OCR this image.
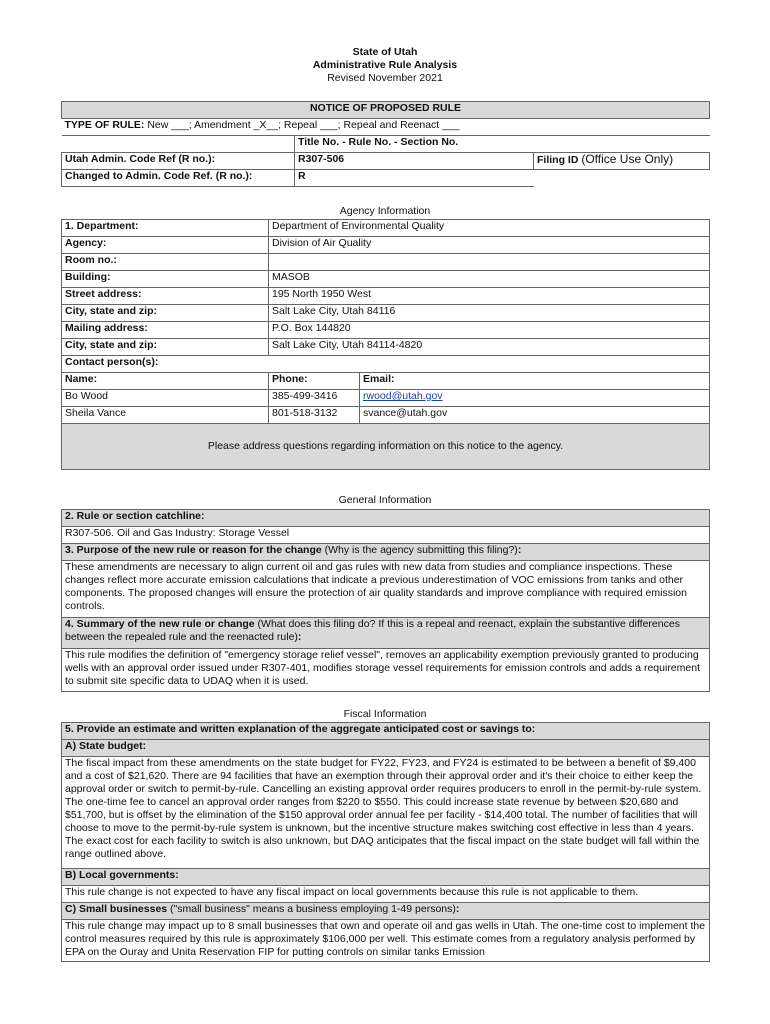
State of Utah
Administrative Rule Analysis
Revised November 2021
NOTICE OF PROPOSED RULE		
TYPE OF RULE: New ___; Amendment _X__; Repeal ___; Repeal and Reenact ___		
	Title No. - Rule No. - Section No.	
Utah Admin. Code Ref (R no.):	R307-506	Filing ID (Office Use Only)
Changed to Admin. Code Ref. (R no.):	R	
Agency Information
1. Department:	Department of Environmental Quality	
Agency:	Division of Air Quality	
Room no.:		
Building:	MASOB	
Street address:	195 North 1950 West	
City, state and zip:	Salt Lake City, Utah 84116	
Mailing address:	P.O. Box 144820	
City, state and zip:	Salt Lake City, Utah 84114-4820	
Contact person(s):		
Name:	Phone:	Email:
Bo Wood	385-499-3416	rwood@utah.gov
Sheila Vance	801-518-3132	svance@utah.gov
Please address questions regarding information on this notice to the agency.		
General Information
2. Rule or section catchline:
R307-506. Oil and Gas Industry: Storage Vessel
3. Purpose of the new rule or reason for the change (Why is the agency submitting this filing?):
These amendments are necessary to align current oil and gas rules with new data from studies and compliance inspections. These changes reflect more accurate emission calculations that indicate a previous underestimation of VOC emissions from tanks and other components. The proposed changes will ensure the protection of air quality standards and improve compliance with required emission controls.
4. Summary of the new rule or change (What does this filing do? If this is a repeal and reenact, explain the substantive differences between the repealed rule and the reenacted rule):
This rule modifies the definition of "emergency storage relief vessel", removes an applicability exemption previously granted to producing wells with an approval order issued under R307-401, modifies storage vessel requirements for emission controls and adds a requirement to submit site specific data to UDAQ when it is used.
Fiscal Information
5. Provide an estimate and written explanation of the aggregate anticipated cost or savings to:
A) State budget:
The fiscal impact from these amendments on the state budget for FY22, FY23, and FY24 is estimated to be between a benefit of $9,400 and a cost of $21,620. There are 94 facilities that have an exemption through their approval order and it's their choice to either keep the approval order or switch to permit-by-rule. Cancelling an existing approval order requires producers to enroll in the permit-by-rule system. The one-time fee to cancel an approval order ranges from $220 to $550. This could increase state revenue by between $20,680 and $51,700, but is offset by the elimination of the $150 approval order annual fee per facility - $14,400 total. The number of facilities that will choose to move to the permit-by-rule system is unknown, but the incentive structure makes switching cost effective in less than 4 years. The exact cost for each facility to switch is also unknown, but DAQ anticipates that the fiscal impact on the state budget will fall within the range outlined above.
B) Local governments:
This rule change is not expected to have any fiscal impact on local governments because this rule is not applicable to them.
C) Small businesses ("small business" means a business employing 1-49 persons):
This rule change may impact up to 8 small businesses that own and operate oil and gas wells in Utah. The one-time cost to implement the control measures required by this rule is approximately $106,000 per well. This estimate comes from a regulatory analysis performed by EPA on the Ouray and Unita Reservation FIP for putting controls on similar tanks Emission
